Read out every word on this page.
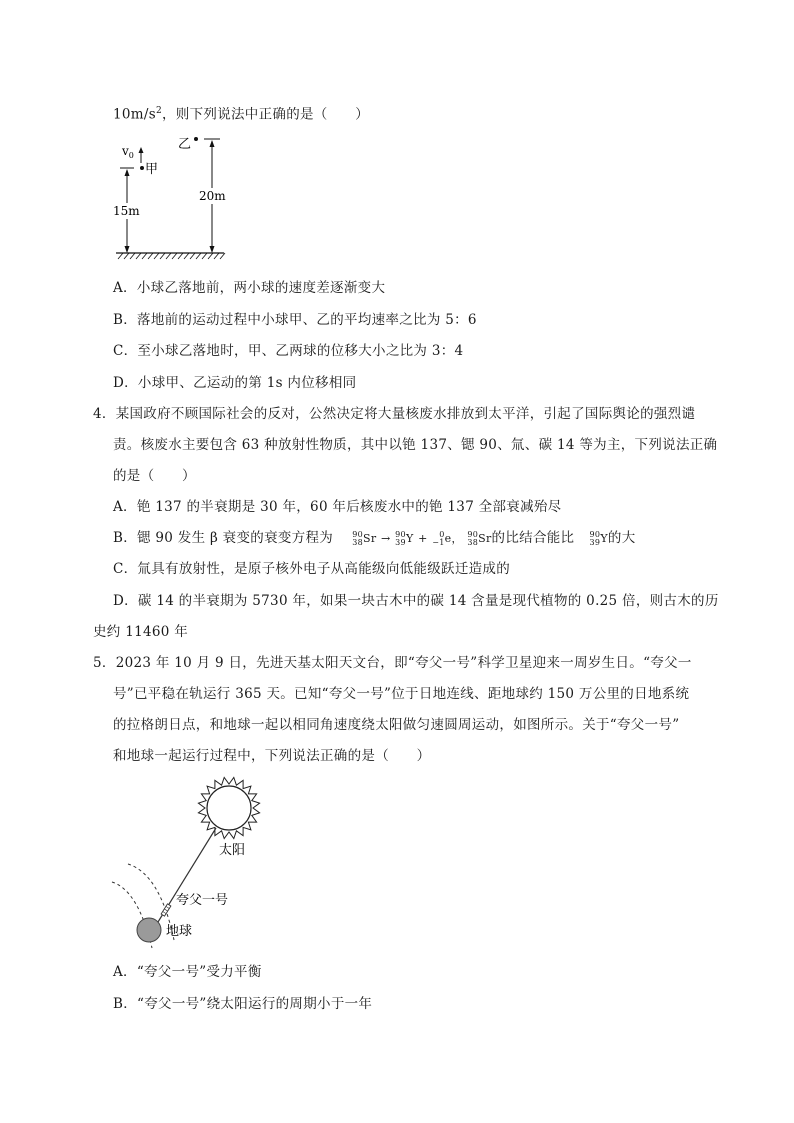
$10m/s^2$，则下列说法中正确的是（　　）
$v_0$
甲
15m
乙
20m
A．小球乙落地前，两小球的速度差逐渐变大
B．落地前的运动过程中小球甲、乙的平均速率之比为 5：6
C．至小球乙落地时，甲、乙两球的位移大小之比为 3：4
D．小球甲、乙运动的第 1s 内位移相同
4．某国政府不顾国际社会的反对，公然决定将大量核废水排放到太平洋，引起了国际舆论的强烈谴
责。核废水主要包含 63 种放射性物质，其中以铯 137、锶 90、氚、碳 14 等为主，下列说法正确
的是（　　）
A．铯 137 的半衰期是 30 年，60 年后核废水中的铯 137 全部衰减殆尽
B．锶 90 发生 β 衰变的衰变方程为 90
38Sr → 90
39Y + 0
−1e， 90
38Sr的比结合能比 90
39Y的大
C．氚具有放射性，是原子核外电子从高能级向低能级跃迁造成的
D．碳 14 的半衰期为 5730 年，如果一块古木中的碳 14 含量是现代植物的 0.25 倍，则古木的历
史约 11460 年
5．2023 年 10 月 9 日，先进天基太阳天文台，即“夸父一号”科学卫星迎来一周岁生日。“夸父一
号”已平稳在轨运行 365 天。已知“夸父一号”位于日地连线、距地球约 150 万公里的日地系统
的拉格朗日点，和地球一起以相同角速度绕太阳做匀速圆周运动，如图所示。关于“夸父一号”
和地球一起运行过程中，下列说法正确的是（　　）
太阳
夸父一号
地球
A．“夸父一号”受力平衡
B．“夸父一号”绕太阳运行的周期小于一年
